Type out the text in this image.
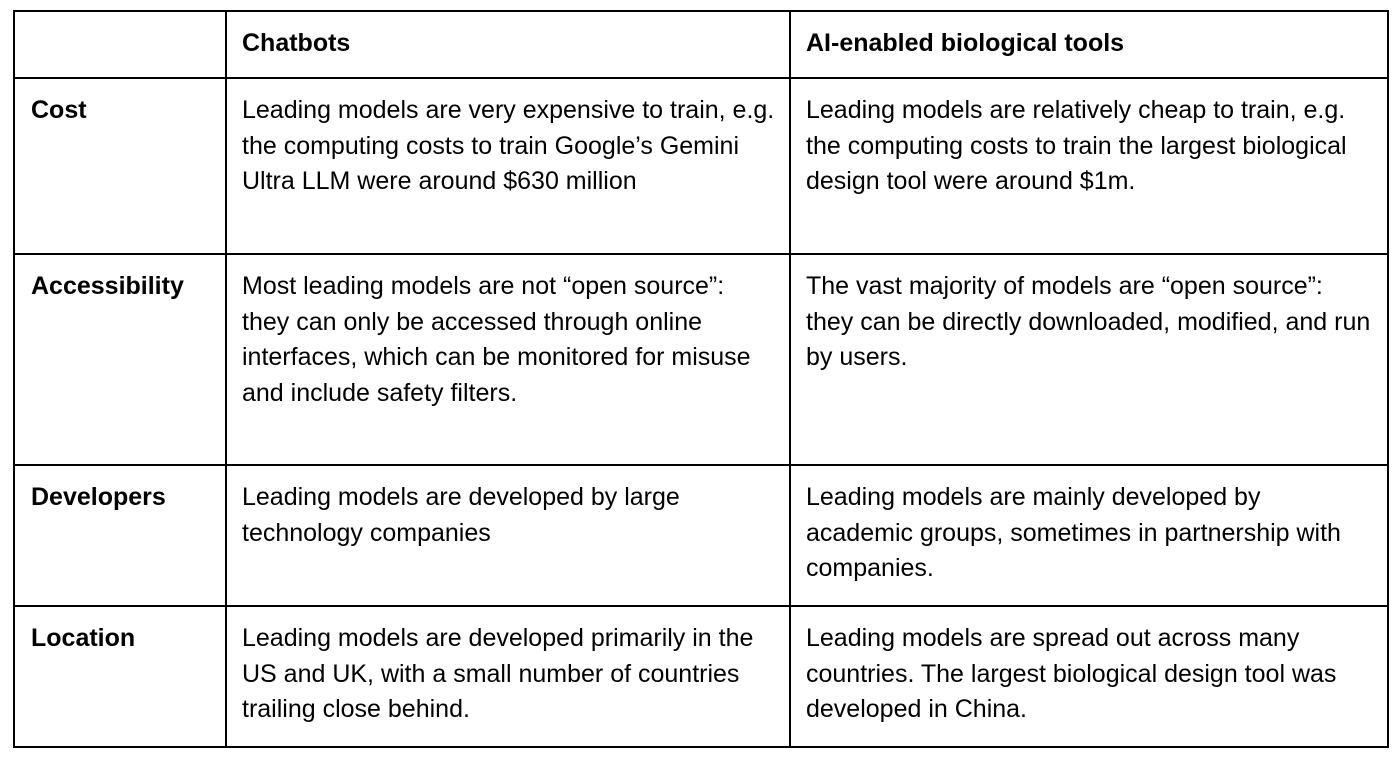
	Chatbots	AI-enabled biological tools
Cost	Leading models are very expensive to train, e.g. the computing costs to train Google’s Gemini Ultra LLM were around $630 million	Leading models are relatively cheap to train, e.g. the computing costs to train the largest biological design tool were around $1m.
Accessibility	Most leading models are not “open source”: they can only be accessed through online interfaces, which can be monitored for misuse and include safety filters.	The vast majority of models are “open source”: they can be directly downloaded, modified, and run by users.
Developers	Leading models are developed by large technology companies	Leading models are mainly developed by academic groups, sometimes in partnership with companies.
Location	Leading models are developed primarily in the US and UK, with a small number of countries trailing close behind.	Leading models are spread out across many countries. The largest biological design tool was developed in China.
